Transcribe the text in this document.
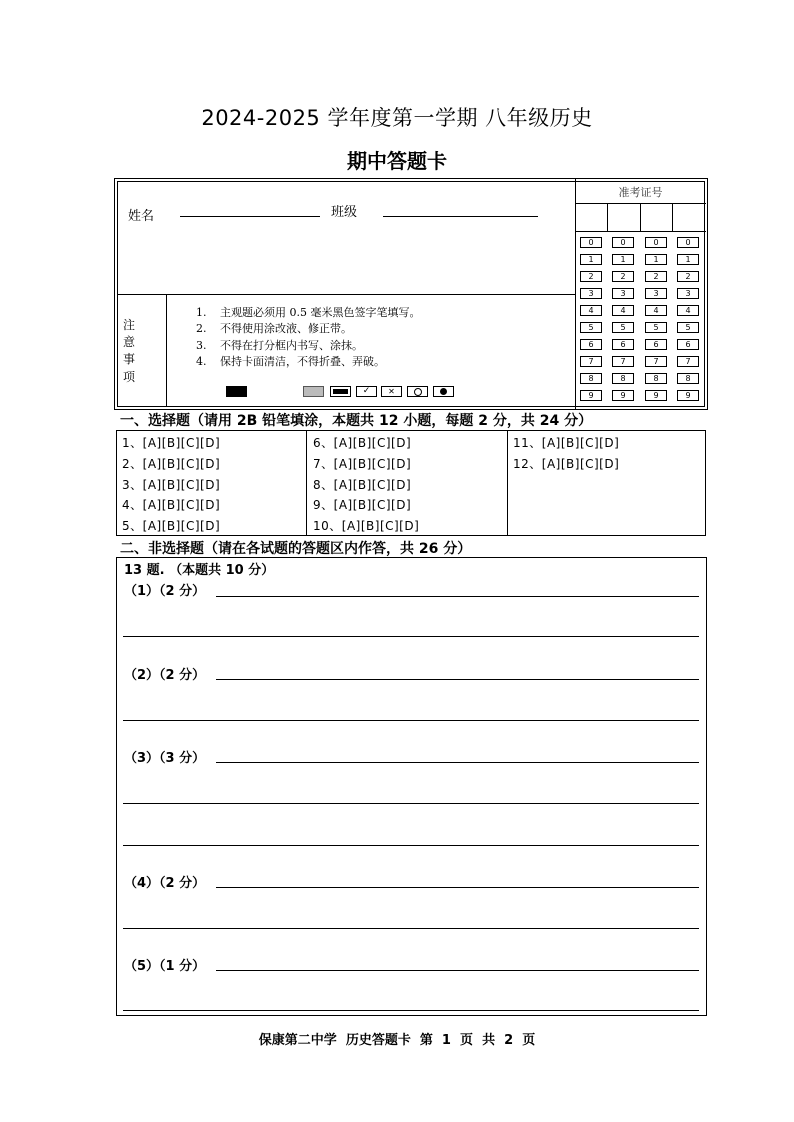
2024-2025 学年度第一学期 八年级历史
期中答题卡
姓名	班级
准考证号
0	0	0	0
1	1	1	1
2	2	2	2
3	3	3	3
4	4	4	4
5	5	5	5
6	6	6	6
7	7	7	7
8	8	8	8
9	9	9	9
注
意
事
项
1. 主观题必须用 0.5 毫米黑色签字笔填写。
2. 不得使用涂改液、修正带。
3. 不得在打分框内书写、涂抹。
4. 保持卡面清洁，不得折叠、弄破。
✓	✕
一、选择题（请用 2B 铅笔填涂，本题共 12 小题，每题 2 分，共 24 分）
1、[A][B][C][D]
2、[A][B][C][D]
3、[A][B][C][D]
4、[A][B][C][D]
5、[A][B][C][D]
6、[A][B][C][D]
7、[A][B][C][D]
8、[A][B][C][D]
9、[A][B][C][D]
10、[A][B][C][D]
11、[A][B][C][D]
12、[A][B][C][D]
二、非选择题（请在各试题的答题区内作答，共 26 分）
13 题. （本题共 10 分）
（1）（2 分）
（2）（2 分）
（3）（3 分）
（4）（2 分）
（5）（1 分）
保康第二中学  历史答题卡  第  1  页  共  2  页
